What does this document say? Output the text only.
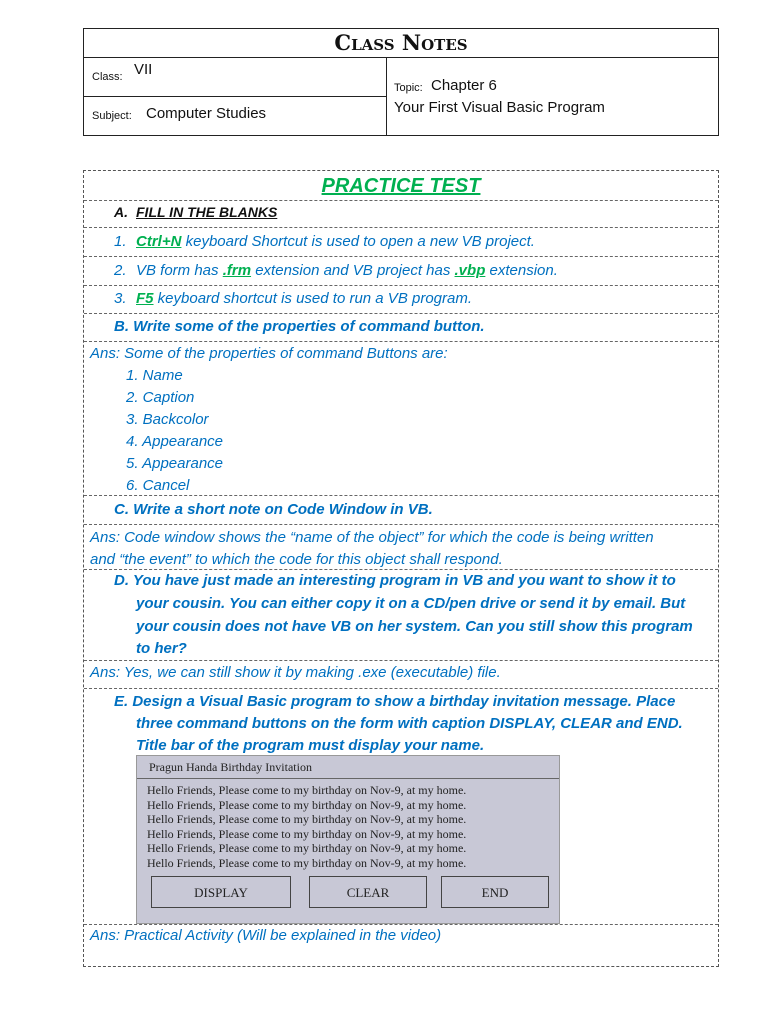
Class Notes
Class: VII
Subject: Computer Studies
Topic: Chapter 6
Your First Visual Basic Program
PRACTICE TEST
A. FILL IN THE BLANKS
1. Ctrl+N keyboard Shortcut is used to open a new VB project.
2. VB form has .frm extension and VB project has .vbp extension.
3. F5 keyboard shortcut is used to run a VB program.
B. Write some of the properties of command button.
Ans: Some of the properties of command Buttons are:
1. Name
2. Caption
3. Backcolor
4. Appearance
5. Appearance
6. Cancel
C. Write a short note on Code Window in VB.
Ans: Code window shows the “name of the object” for which the code is being written
and “the event” to which the code for this object shall respond.
D. You have just made an interesting program in VB and you want to show it to
your cousin. You can either copy it on a CD/pen drive or send it by email. But
your cousin does not have VB on her system. Can you still show this program
to her?
Ans: Yes, we can still show it by making .exe (executable) file.
E. Design a Visual Basic program to show a birthday invitation message. Place
three command buttons on the form with caption DISPLAY, CLEAR and END.
Title bar of the program must display your name.
Ans: Practical Activity (Will be explained in the video)
Pragun Handa Birthday Invitation
Hello Friends, Please come to my birthday on Nov-9, at my home.
Hello Friends, Please come to my birthday on Nov-9, at my home.
Hello Friends, Please come to my birthday on Nov-9, at my home.
Hello Friends, Please come to my birthday on Nov-9, at my home.
Hello Friends, Please come to my birthday on Nov-9, at my home.
Hello Friends, Please come to my birthday on Nov-9, at my home.
DISPLAY	CLEAR	END
